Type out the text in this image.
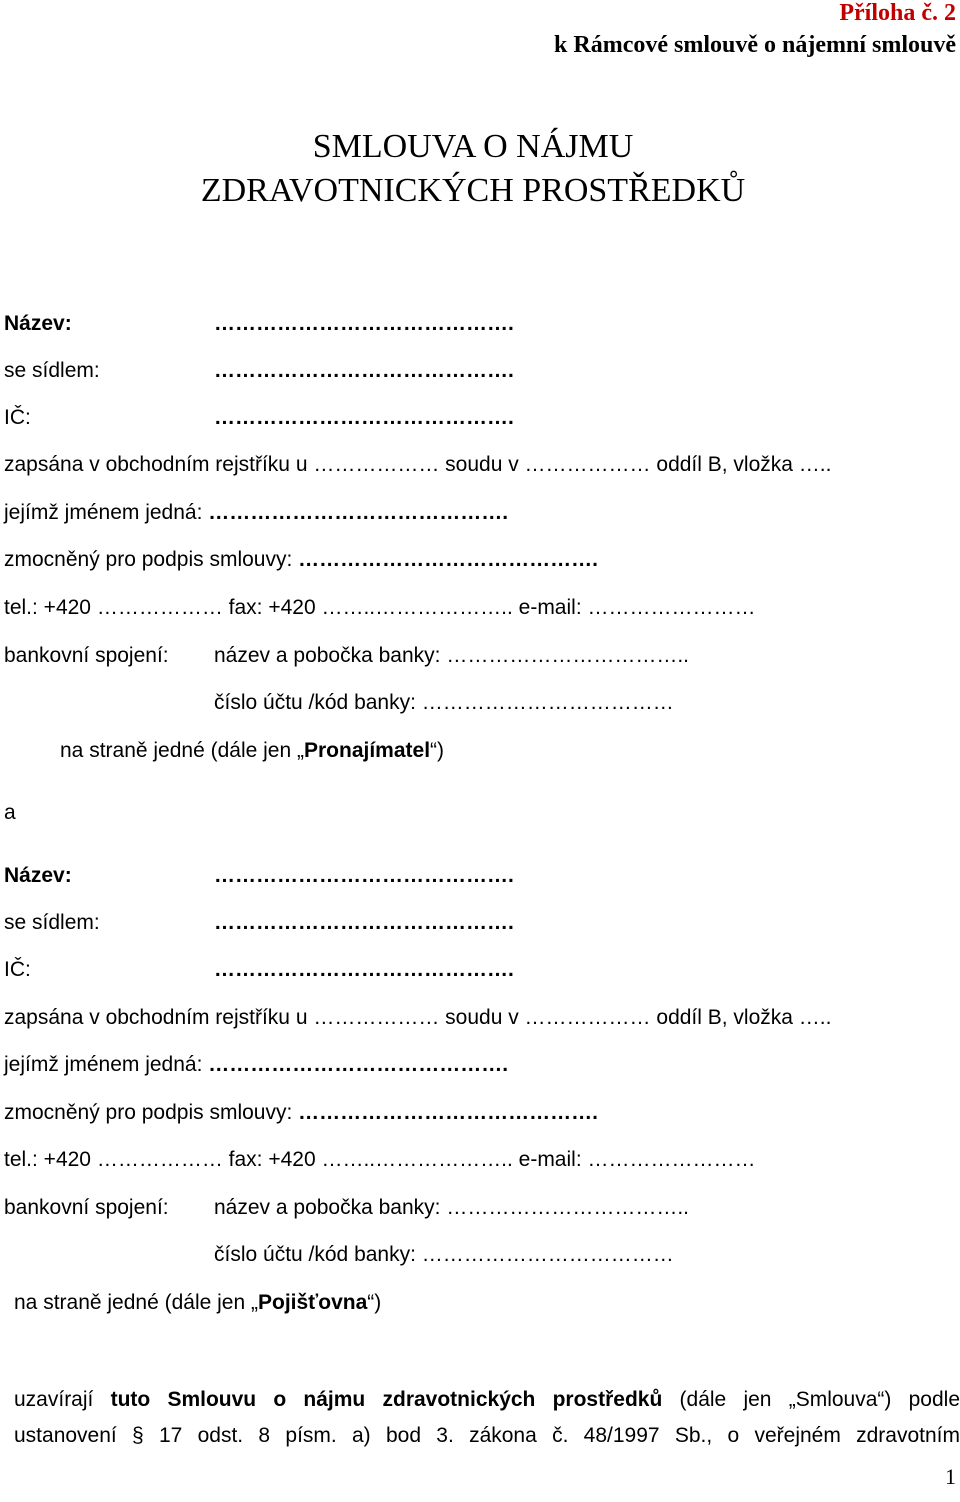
Příloha č. 2
k Rámcové smlouvě o nájemní smlouvě
SMLOUVA O NÁJMU
ZDRAVOTNICKÝCH PROSTŘEDKŮ
Název:	…………………………………….
se sídlem:	…………………………………….
IČ:	…………………………………….
zapsána v obchodním rejstříku u ……………… soudu v ……………… oddíl B, vložka …..
jejímž jménem jedná: …………………………………….
zmocněný pro podpis smlouvy: …………………………………….
tel.: +420 ……………… fax: +420 ……..……………….. e-mail: ……………………
bankovní spojení: název a pobočka banky: ……………………………..
číslo účtu /kód banky: ………………………………
na straně jedné (dále jen „Pronajímatel“)
a
Název:	…………………………………….
se sídlem:	…………………………………….
IČ:	…………………………………….
zapsána v obchodním rejstříku u ……………… soudu v ……………… oddíl B, vložka …..
jejímž jménem jedná: …………………………………….
zmocněný pro podpis smlouvy: …………………………………….
tel.: +420 ……………… fax: +420 ……..……………….. e-mail: ……………………
bankovní spojení: název a pobočka banky: ……………………………..
číslo účtu /kód banky: ………………………………
na straně jedné (dále jen „Pojišťovna“)
uzavírají tuto Smlouvu o nájmu zdravotnických prostředků (dále jen „Smlouva“) podle
ustanovení § 17 odst. 8 písm. a) bod 3. zákona č. 48/1997 Sb., o veřejném zdravotním
1
